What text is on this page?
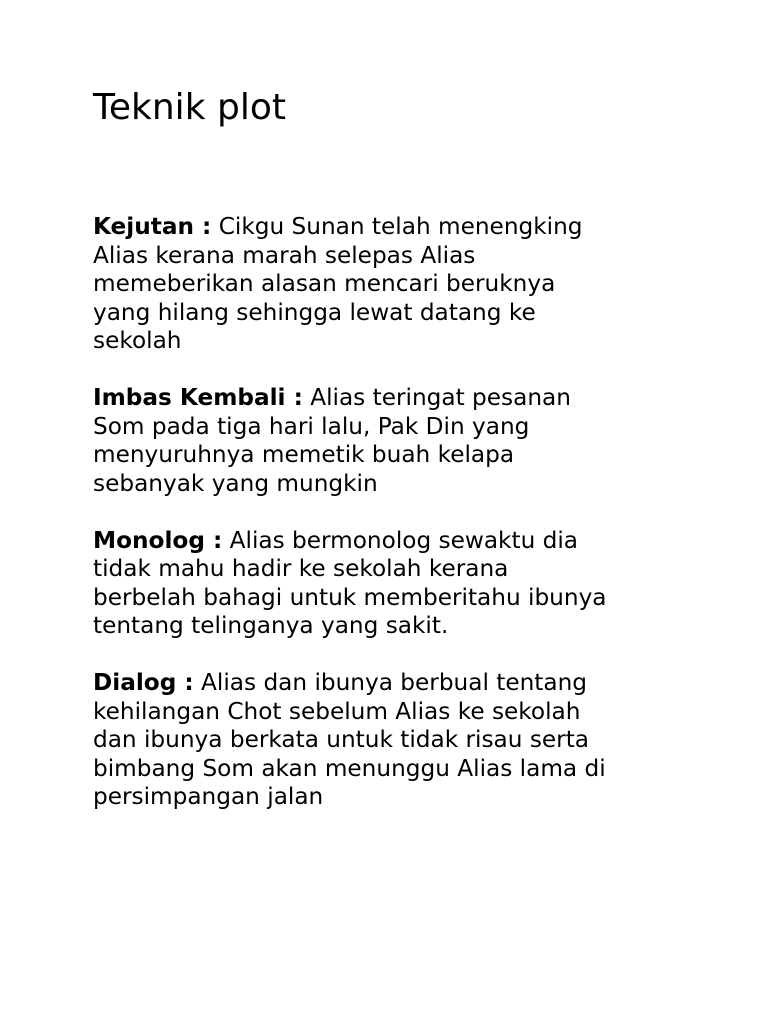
Teknik plot

Kejutan : Cikgu Sunan telah menengking
Alias kerana marah selepas Alias
memeberikan alasan mencari beruknya
yang hilang sehingga lewat datang ke
sekolah

Imbas Kembali : Alias teringat pesanan
Som pada tiga hari lalu, Pak Din yang
menyuruhnya memetik buah kelapa
sebanyak yang mungkin

Monolog : Alias bermonolog sewaktu dia
tidak mahu hadir ke sekolah kerana
berbelah bahagi untuk memberitahu ibunya
tentang telinganya yang sakit.

Dialog : Alias dan ibunya berbual tentang
kehilangan Chot sebelum Alias ke sekolah
dan ibunya berkata untuk tidak risau serta
bimbang Som akan menunggu Alias lama di
persimpangan jalan
